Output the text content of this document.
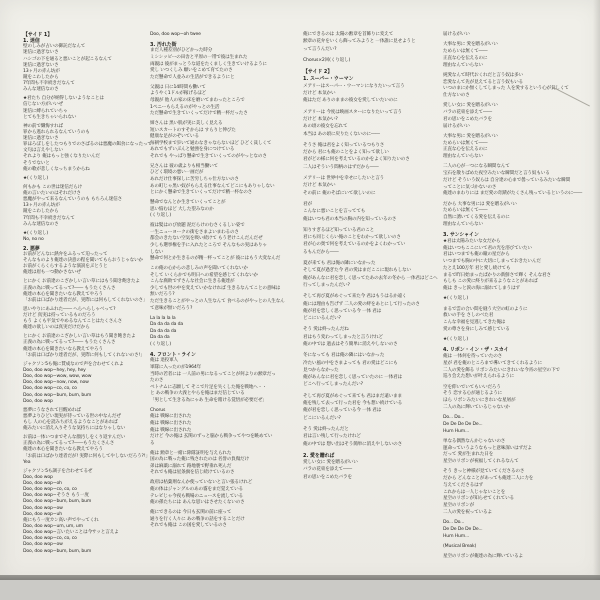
【サイド 1】
1. 迷信
壁のしみが占いの御託だなんて
迷信に過ぎないさ
ハシゴの下を通ると悪いことが起こるなんて
迷信に過ぎないさ
13ヶ月の赤ん坊が
鏡をこわしたから
7年間も不幸続きだなんて
みんな迷信なのさ
★君たち 自分が納得しないようなことは
信じない方がいいぜ
迷信に縛られていちゃ
とても生きちゃいられない
神の前で懺悔すれば
罪から逃れられるなんていうのも
迷信に過ぎないさ
罪ほろぼしをしたつもりでのさばるのは悪魔の餌食になったって
文句は言えやしない
それより 俺はもっと強くなりたいんだ
そうでないと
俺の歌が悲しくなっちまうからね
★(くり返し)
何もかも この世は迷信だらけ
俺の言いたいのはそれだけさ
悪魔がやって来るなんていうのも もちろん迷信さ
13ヶ月の赤ん坊が
鏡をこわしたから
7年間も不幸続きだなんて
みんな迷信なのさ
★(くり返し)
No, no no
2. 悪夢
お前がどんなに熱弁をふるって迫ったって
そんなものより俺達の決意の程を聞いてもらおうじゃないか
お前がくらくらするような演説をぶとうと
俺達は眉も一つ動かさないぜ
とにかく お前達のこざかしい言い草にはもう聞き飽きたよ
正義の為に戦ってるって?―― もうたくさんさ
俺達の本心を聞きたいなら教えてやろう
「お前は口ばかり達者だが、実際には何もしてくれないのさ」
思いやりにあふれた―― へらへらしゃべって?
だけど 真実は持っているものだろう
もう よくも平気でやめるなんてことはたくさんさ
俺達の欲しいのは真実だけだから
とにかく お前達のこざかしい言い草はもう聞き飽きたよ
正義の為に戦ってるって?―― もうたくさんさ
俺達の本心を聞きたいなら教えてやろう
「お前は口ばかり達者だが、実際に何もしてくれないのさ!」
ジャクソン5も俺に賛成なので声を合わせてくれよ
Doo, doo wop−hey, hey, hey
Doo, doo wop−wow, wow, wow
Doo, doo wop−now, now, now
Doo, doo wop−co, co, co
Doo, doo wop−bum, bum, bum
Doo, doo wop
悪夢にうなされて目醒めれば
悪夢よりひどい現実が待っている世の中なんだぜ
もし 人の心を読みちがえるようなことがあれば
俺みたいに消え入りそうな気持ちにはなりゃしない
お前は一体いつまでそんな顔汚しをくり返すんだい
正義の為に戦ってるって?――もうたくさんさ
俺達の本心を聞きたいなら教えてやろう
「お前は口ばかり達者だが! 実際に何もしてやしないだろう?!」
Yea
ジャクソン5も調子を合わせてるぜ
Doo, doo wop
Doo, doo wop−oh
Doo, doo wop−co, co, co
Doo, doo wop−そうさ もう一度
Doo, doo wop−bum, bum, bum
Doo, doo wop−ow
Doo, doo wop−uh
俺にもう一度カン高い声でやってくれ
Doo, doo wop−um, um, um
Doo, doo wop−言いたいことは今サッと言えよ
Doo, doo wop−co, co, co
Doo, doo wop−ow
Doo, doo wop−bum, bum, bum
Doo, doo wop−oh twee
3. 汚れた街
まだ人種差別がひどかった時分
ミシシッピーの田舎と平原の一帯で彼は生まれた
両親は 彼がまっとうな道をたくましく生きていけるように
愛し いつくしみ 願いをこめて育てたのさ
ただ懸命で人並みの生活ができるようにと
父親は 日に14時間も働いて
ようやく1ドルが稼げるほど
母親が 他人の家の床を磨いてまわったところで
1ペニーもらえるのがやっとの生活
ただ懸命で生きていくってだけで精一杯だったさ
姉さんは 黒い肌が実に美しく見える
短いスカートのすそからは すらりと伸びた
健康な足がのぞいている
毎朝学校まで歩いて通わなきゃならないほど ひどく貧しくて
あれでもずいぶんと勉強を身につけている
それでも やっぱり懸命で生きていくってのがやっとなのさ
兄さんは 彼の歳よりも相当働いて
ひどく環境の悪い一画だが
あれだけ仕事探しに苦労しちゃ仕方ないのさ
あの町じゃ黒い奴がもらえる仕事なんてどこにもありゃしない
とにかく懸命で生きていくってだけで精一杯なのさ
懸命でなんとか生きていくってことが
思い悩むほど 大した望みなのか
(くり返し)
彼は髪はのび放題 泥だらけのむさくるしい姿で
一生ニューヨークの街をさまよいまわるのさ
都会のきたない空気を吸い続けて もう老けこんだんだぜ
少しも選挙権を手に入れたところで そんなもの実はありゃ
しない
懸命で何とか生きるのが精一杯ってことが 彼にはもう大変なんだ
この俺の心からの悲しみの声を聞いてくれないか
そして いくらかでも明日への希望を感じてくれないか
こんな腐敗でずさんな社会に生きる俺達が
少しでも世の中を変えていかなければ 生きるなんてことの意味は
無いだろう?
ただ生きることがやっとの人生なんて 食べるのがやっとの人生なん
て意味が無いだろう?
La la la la la
Da da da da da
Da da da da
Da da da
(くり返し)
4. フロント・ライン
俺は 退役軍人
軍隊に入ったのが1964年
当時の若者には 一人前の男になるってことが何よりの勲章だっ
たのさ
ベトナムに志願して そこで片足を失くした俺を戦地へ・・
と あの戦争の大義とやらを俺はまだ信じている
「男として生きる為にゃあ 生命を賭ける覚悟が必要だぜ」
Chorus
俺は 戦線に出された
俺は 戦線に出された
俺は 戦線に出された
だけど 今の俺は 玄関のずっと脇から戦争ってやつを眺めてい
る
俺は 勲章と一緒に除隊証明を与えられた
国の為に戦った俺に残されたのは 名誉の負傷だけ
弟は麻薬に溺れて 路地裏で野垂れ死んだ
それでも俺は星条旗を信じ続けているのさ
政府は枯葉剤なんか使っていないと言い張るけれど
俺の体はジャングルのあの霧をまだ覚えている
テレビじゃ今夜も戦場のニュースを流している
俺の孫たちには あんな思いはさせたくないのさ
俺にできるのは 今日も玄関の前に座って
通りを行く人々に あの戦争の話をすることだけ
それでも俺は この国を愛しているのさ
俺にできるのは 太陽の勲章を首飾りに変えて
勲章の花弁をいくら飾ってみようと 一体誰に見せようと
って言うんだい?
Chorus×2回(くり返し)
【サイド 2】
1. スーパー・ウーマン
メアリーはスーパー・ウーマンになりたいって言う
だけど 本気かい
俺はただ ありのままの彼女を愛していたいのに
メアリーは 今度は映画スターになりたいって言う
だけど 本気かい?
あの頃の彼女を忘れて
本当は あの頃に戻りたくないのに――
そうさ 俺は君をよく知っているつもりさ
だから 君にも俺のことをよく知って欲しい
君がどの様に何を考えているのかをよく知りたいのさ
二人はそういう間柄のはずだから――
メアリーは 世界中を幸せにしたいと言う
だけど 本気かい
その前に 俺のそばにいて欲しいのに
君が
こんなに悪いことを言ってても
俺はいつも君の本当の胸の内を知っているのさ
知りすぎるほど知っている君のこと
君にも同じくらい俺のことをわかって欲しいのさ
君が心の奥で何を考えているのかをよくわかってい
るもんだから――
夏が来ても 君は俺の隣にいなかった
そして夏が過ぎた今 君の愛はまだここに現れもしない
俺があんなに君を恋しく思ってたあの去年の冬から 一体君はどこへ
行ってしまったんだい?
そして再び夏がめぐって来た今 君はもうはるか遠く
俺には理由も告げず 二人の愛の絆をあとにして行ったのさ
俺が君を恋しく思っている今 一体 君は
どこにいるんだい?
そう 愛は終ったんだね
君はもう変わってしまったと言うけれど
俺の中では 過去はそう簡単に消えやしないのさ
冬になっても 君は俺の隣にはいなかった
冷たい風の中をさまよっても 君の愛はどこにも
見つからなかった
俺があんなに君を恋しく思っていたのに 一体君は
どこへ行ってしまったんだい?
そして再び夏がめぐって来ても 君はまだ遠いまま
俺を残して去って行った君を 今も想い続けている
俺が君を恋しく思っている今 一体 君は
どこにいるんだい?
そう 愛は終ったんだと
君は言い残して行ったけれど
俺の中では 想い出はそう簡単に消えやしないのさ
2. 愛を贈れば
愛しい女に 愛を贈るがいい
バラの花束を添えて――
君の思いをこめたバラを
届けるがいい
大事な男に 愛を贈るがいい
ためらいは無くて――
正直な心を伝えるのに
理由なんていらない
純愛なんて時代おくれだと言う奴は多い
恋愛なんて先が見えてると言う奴もいる
いつのまにか無くしてしまった 人を愛するという心が貧しくて
仕方ないのさ
愛しい女に 愛を贈るがいい
バラの花束を添えて――
君の思いをこめたバラを
届けるがいい
大事な男に 愛を贈るがいい
ためらいは無くて――
正直な心を伝えるのに
理由なんていらない
二人の心が一つになる瞬間なんて
宝石を散りばめた夜空みたいな瞬間だと言う奴もいる
だけど そういう奴らは 自分達の心まで曇っているみたいな瞬間
ってことに気づかないのさ
俺達のまわりには まだ愛の奇蹟がたくさん残っているというのに――
だから 大事な男には 愛を贈るがいい
ためらいは無くて――
自然に湧いてくる愛を伝えるのに
理由なんていらない
3. サンシャイン
★君は太陽みたいな女だから
俺はいつもここにいて君の光を浴びていたい
君はいつまでも俺の瞳の星だから
いつまでも胸の中に大切にしまっておきたいんだ
たとえ100万年 君と愛し続けても
まるで昨日始まったばかりの新鮮さで輝く そんな君さ
もしも この愛に終りが来るようなことがあれば
俺は きっと涙の海に溺れてしまうはず
★(くり返し)
まるで雲の合い間を縫う大空の虹のように
救いの手を さしのべた君
こんな幸福を見逃してきた俺は
愛の尊さを身にしみて感じている
★(くり返し)
4. リボン・イン・ザ・スカイ
俺は 一体何を待っていたのさ
星が 君を俺のところまで導いてきてくれるように
二人の愛を飾る リボンみたいにきれいな今宵の星空の下で
巡り会えた想いが叶えられるように
空を仰いでいてもいいだろう
そう 恋する心が通じるように
ほら リボンみたいにきれいな星屑が
二人の為に輝いているじゃないか
Do... Do...
De De De De De...
Hum Hum...
単なる偶然なんかじゃないのさ
運命っていうようなもっと意味深いはずだよ
だって 愛が生まれた日を
星空のリボンが祝福してくれるなんて
そう きっと神様が見ていてくださるのさ
だから どんなことがあっても俺達二人に力を
与えてくださるはず
これからは一人じゃないことを
星空のリボンが知らせてくれている
星空のリボンが
二人の愛を祝っているよ
Do... Do...
De De De De De...
Hum Hum...
(Musical Break)
星空のリボンが俺達の為に輝いているよ
